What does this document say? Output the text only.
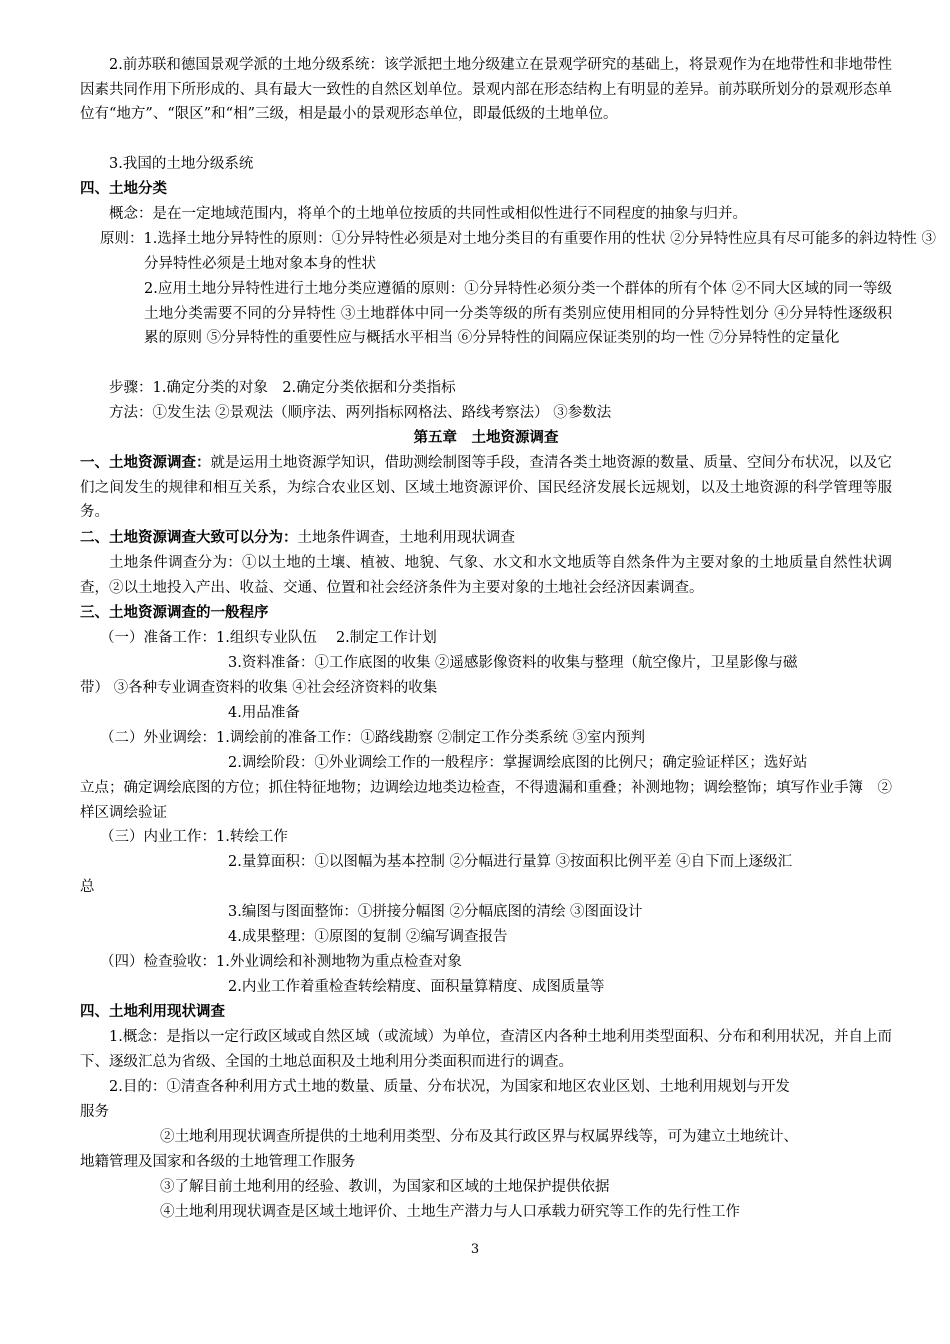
2.前苏联和德国景观学派的土地分级系统：该学派把土地分级建立在景观学研究的基础上，将景观作为在地带性和非地带性因素共同作用下所形成的、具有最大一致性的自然区划单位。景观内部在形态结构上有明显的差异。前苏联所划分的景观形态单位有“地方”、“限区”和“相”三级，相是最小的景观形态单位，即最低级的土地单位。

3.我国的土地分级系统

四、土地分类

概念：是在一定地域范围内，将单个的土地单位按质的共同性或相似性进行不同程度的抽象与归并。

原则：1.选择土地分异特性的原则：①分异特性必须是对土地分类目的有重要作用的性状 ②分异特性应具有尽可能多的斜边特性 ③分异特性必须是土地对象本身的性状

2.应用土地分异特性进行土地分类应遵循的原则：①分异特性必须分类一个群体的所有个体 ②不同大区域的同一等级土地分类需要不同的分异特性 ③土地群体中同一分类等级的所有类别应使用相同的分异特性划分 ④分异特性逐级积累的原则 ⑤分异特性的重要性应与概括水平相当 ⑥分异特性的间隔应保证类别的均一性 ⑦分异特性的定量化

步骤：1.确定分类的对象　2.确定分类依据和分类指标

方法：①发生法 ②景观法（顺序法、两列指标网格法、路线考察法） ③参数法

第五章　土地资源调查

一、土地资源调查：就是运用土地资源学知识，借助测绘制图等手段，查清各类土地资源的数量、质量、空间分布状况，以及它们之间发生的规律和相互关系，为综合农业区划、区域土地资源评价、国民经济发展长远规划，以及土地资源的科学管理等服务。

二、土地资源调查大致可以分为：土地条件调查，土地利用现状调查

土地条件调查分为：①以土地的土壤、植被、地貌、气象、水文和水文地质等自然条件为主要对象的土地质量自然性状调查，②以土地投入产出、收益、交通、位置和社会经济条件为主要对象的土地社会经济因素调查。

三、土地资源调查的一般程序

（一）准备工作：1.组织专业队伍　 2.制定工作计划

3.资料准备：①工作底图的收集 ②遥感影像资料的收集与整理（航空像片，卫星影像与磁

带） ③各种专业调查资料的收集 ④社会经济资料的收集

4.用品准备

（二）外业调绘：1.调绘前的准备工作：①路线勘察 ②制定工作分类系统 ③室内预判

2.调绘阶段：①外业调绘工作的一般程序：掌握调绘底图的比例尺；确定验证样区；选好站

立点；确定调绘底图的方位；抓住特征地物；边调绘边地类边检查，不得遗漏和重叠；补测地物；调绘整饰；填写作业手簿　②样区调绘验证

（三）内业工作：1.转绘工作

2.量算面积：①以图幅为基本控制 ②分幅进行量算 ③按面积比例平差 ④自下而上逐级汇

总

3.编图与图面整饰：①拼接分幅图 ②分幅底图的清绘 ③图面设计

4.成果整理：①原图的复制 ②编写调查报告

（四）检查验收：1.外业调绘和补测地物为重点检查对象

2.内业工作着重检查转绘精度、面积量算精度、成图质量等

四、土地利用现状调查

1.概念：是指以一定行政区域或自然区域（或流域）为单位，查清区内各种土地利用类型面积、分布和利用状况，并自上而下、逐级汇总为省级、全国的土地总面积及土地利用分类面积而进行的调查。

2.目的：①清查各种利用方式土地的数量、质量、分布状况，为国家和地区农业区划、土地利用规划与开发

服务

②土地利用现状调查所提供的土地利用类型、分布及其行政区界与权属界线等，可为建立土地统计、

地籍管理及国家和各级的土地管理工作服务

③了解目前土地利用的经验、教训，为国家和区域的土地保护提供依据

④土地利用现状调查是区域土地评价、土地生产潜力与人口承载力研究等工作的先行性工作

3
